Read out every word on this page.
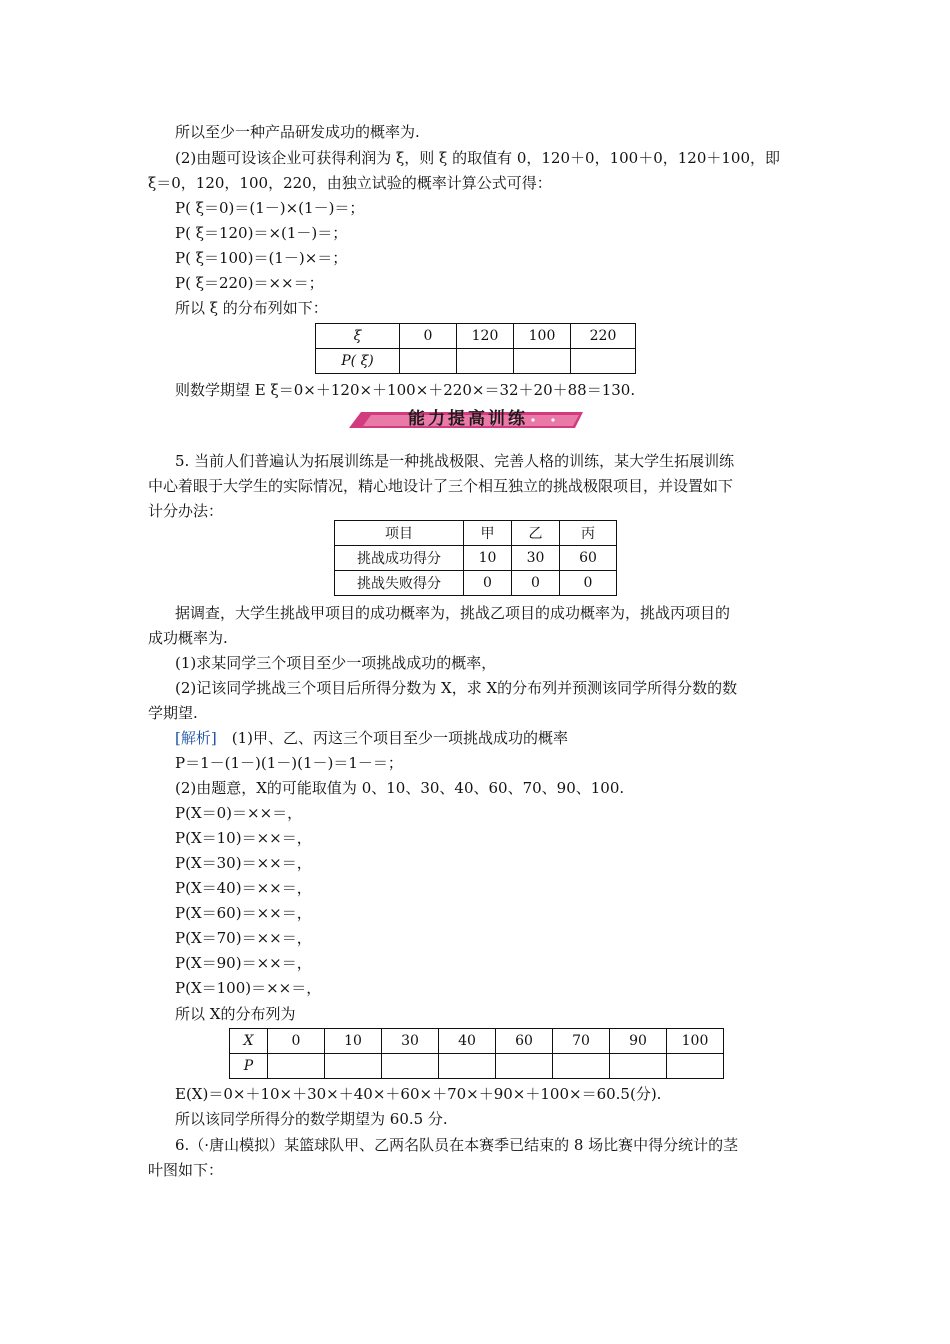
所以至少一种产品研发成功的概率为.
(2)由题可设该企业可获得利润为 ξ，则 ξ 的取值有 0，120＋0，100＋0，120＋100，即
ξ＝0，120，100，220，由独立试验的概率计算公式可得：
P( ξ＝0)＝(1－)×(1－)＝；
P( ξ＝120)＝×(1－)＝；
P( ξ＝100)＝(1－)×＝；
P( ξ＝220)＝××＝；
所以 ξ 的分布列如下：
ξ	0	120	100	220
P( ξ)				
则数学期望 E ξ＝0×＋120×＋100×＋220×＝32＋20＋88＝130.
能力提高训练
5. 当前人们普遍认为拓展训练是一种挑战极限、完善人格的训练，某大学生拓展训练
中心着眼于大学生的实际情况，精心地设计了三个相互独立的挑战极限项目，并设置如下
计分办法：
项目	甲	乙	丙
挑战成功得分	10	30	60
挑战失败得分	0	0	0
据调查，大学生挑战甲项目的成功概率为，挑战乙项目的成功概率为，挑战丙项目的
成功概率为.
(1)求某同学三个项目至少一项挑战成功的概率，
(2)记该同学挑战三个项目后所得分数为 X，求 X的分布列并预测该同学所得分数的数
学期望.
[解析]　(1)甲、乙、丙这三个项目至少一项挑战成功的概率
P＝1－(1－)(1－)(1－)＝1－＝；
(2)由题意，X的可能取值为 0、10、30、40、60、70、90、100.
P(X＝0)＝××＝，
P(X＝10)＝××＝，
P(X＝30)＝××＝，
P(X＝40)＝××＝，
P(X＝60)＝××＝，
P(X＝70)＝××＝，
P(X＝90)＝××＝，
P(X＝100)＝××＝，
所以 X的分布列为
X	0	10	30	40	60	70	90	100
P								
E(X)＝0×＋10×＋30×＋40×＋60×＋70×＋90×＋100×＝60.5(分).
所以该同学所得分的数学期望为 60.5 分.
6.（·唐山模拟）某篮球队甲、乙两名队员在本赛季已结束的 8 场比赛中得分统计的茎
叶图如下：
